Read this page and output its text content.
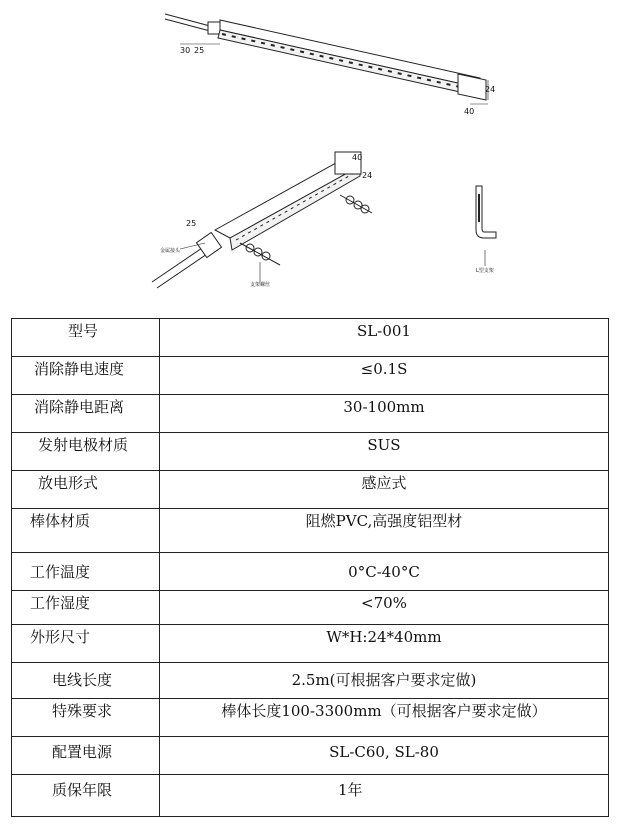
30 25
24
40
40
24
25
金属接头
支架螺丝
L型支架
型号	SL-001
消除静电速度	≤0.1S
消除静电距离	30-100mm
发射电极材质	SUS
放电形式	感应式
棒体材质	阻燃PVC,高强度铝型材
工作温度	0°C-40°C
工作湿度	<70%
外形尺寸	W*H:24*40mm
电线长度	2.5m(可根据客户要求定做)
特殊要求	棒体长度100-3300mm（可根据客户要求定做）
配置电源	SL-C60, SL-80
质保年限	1年
